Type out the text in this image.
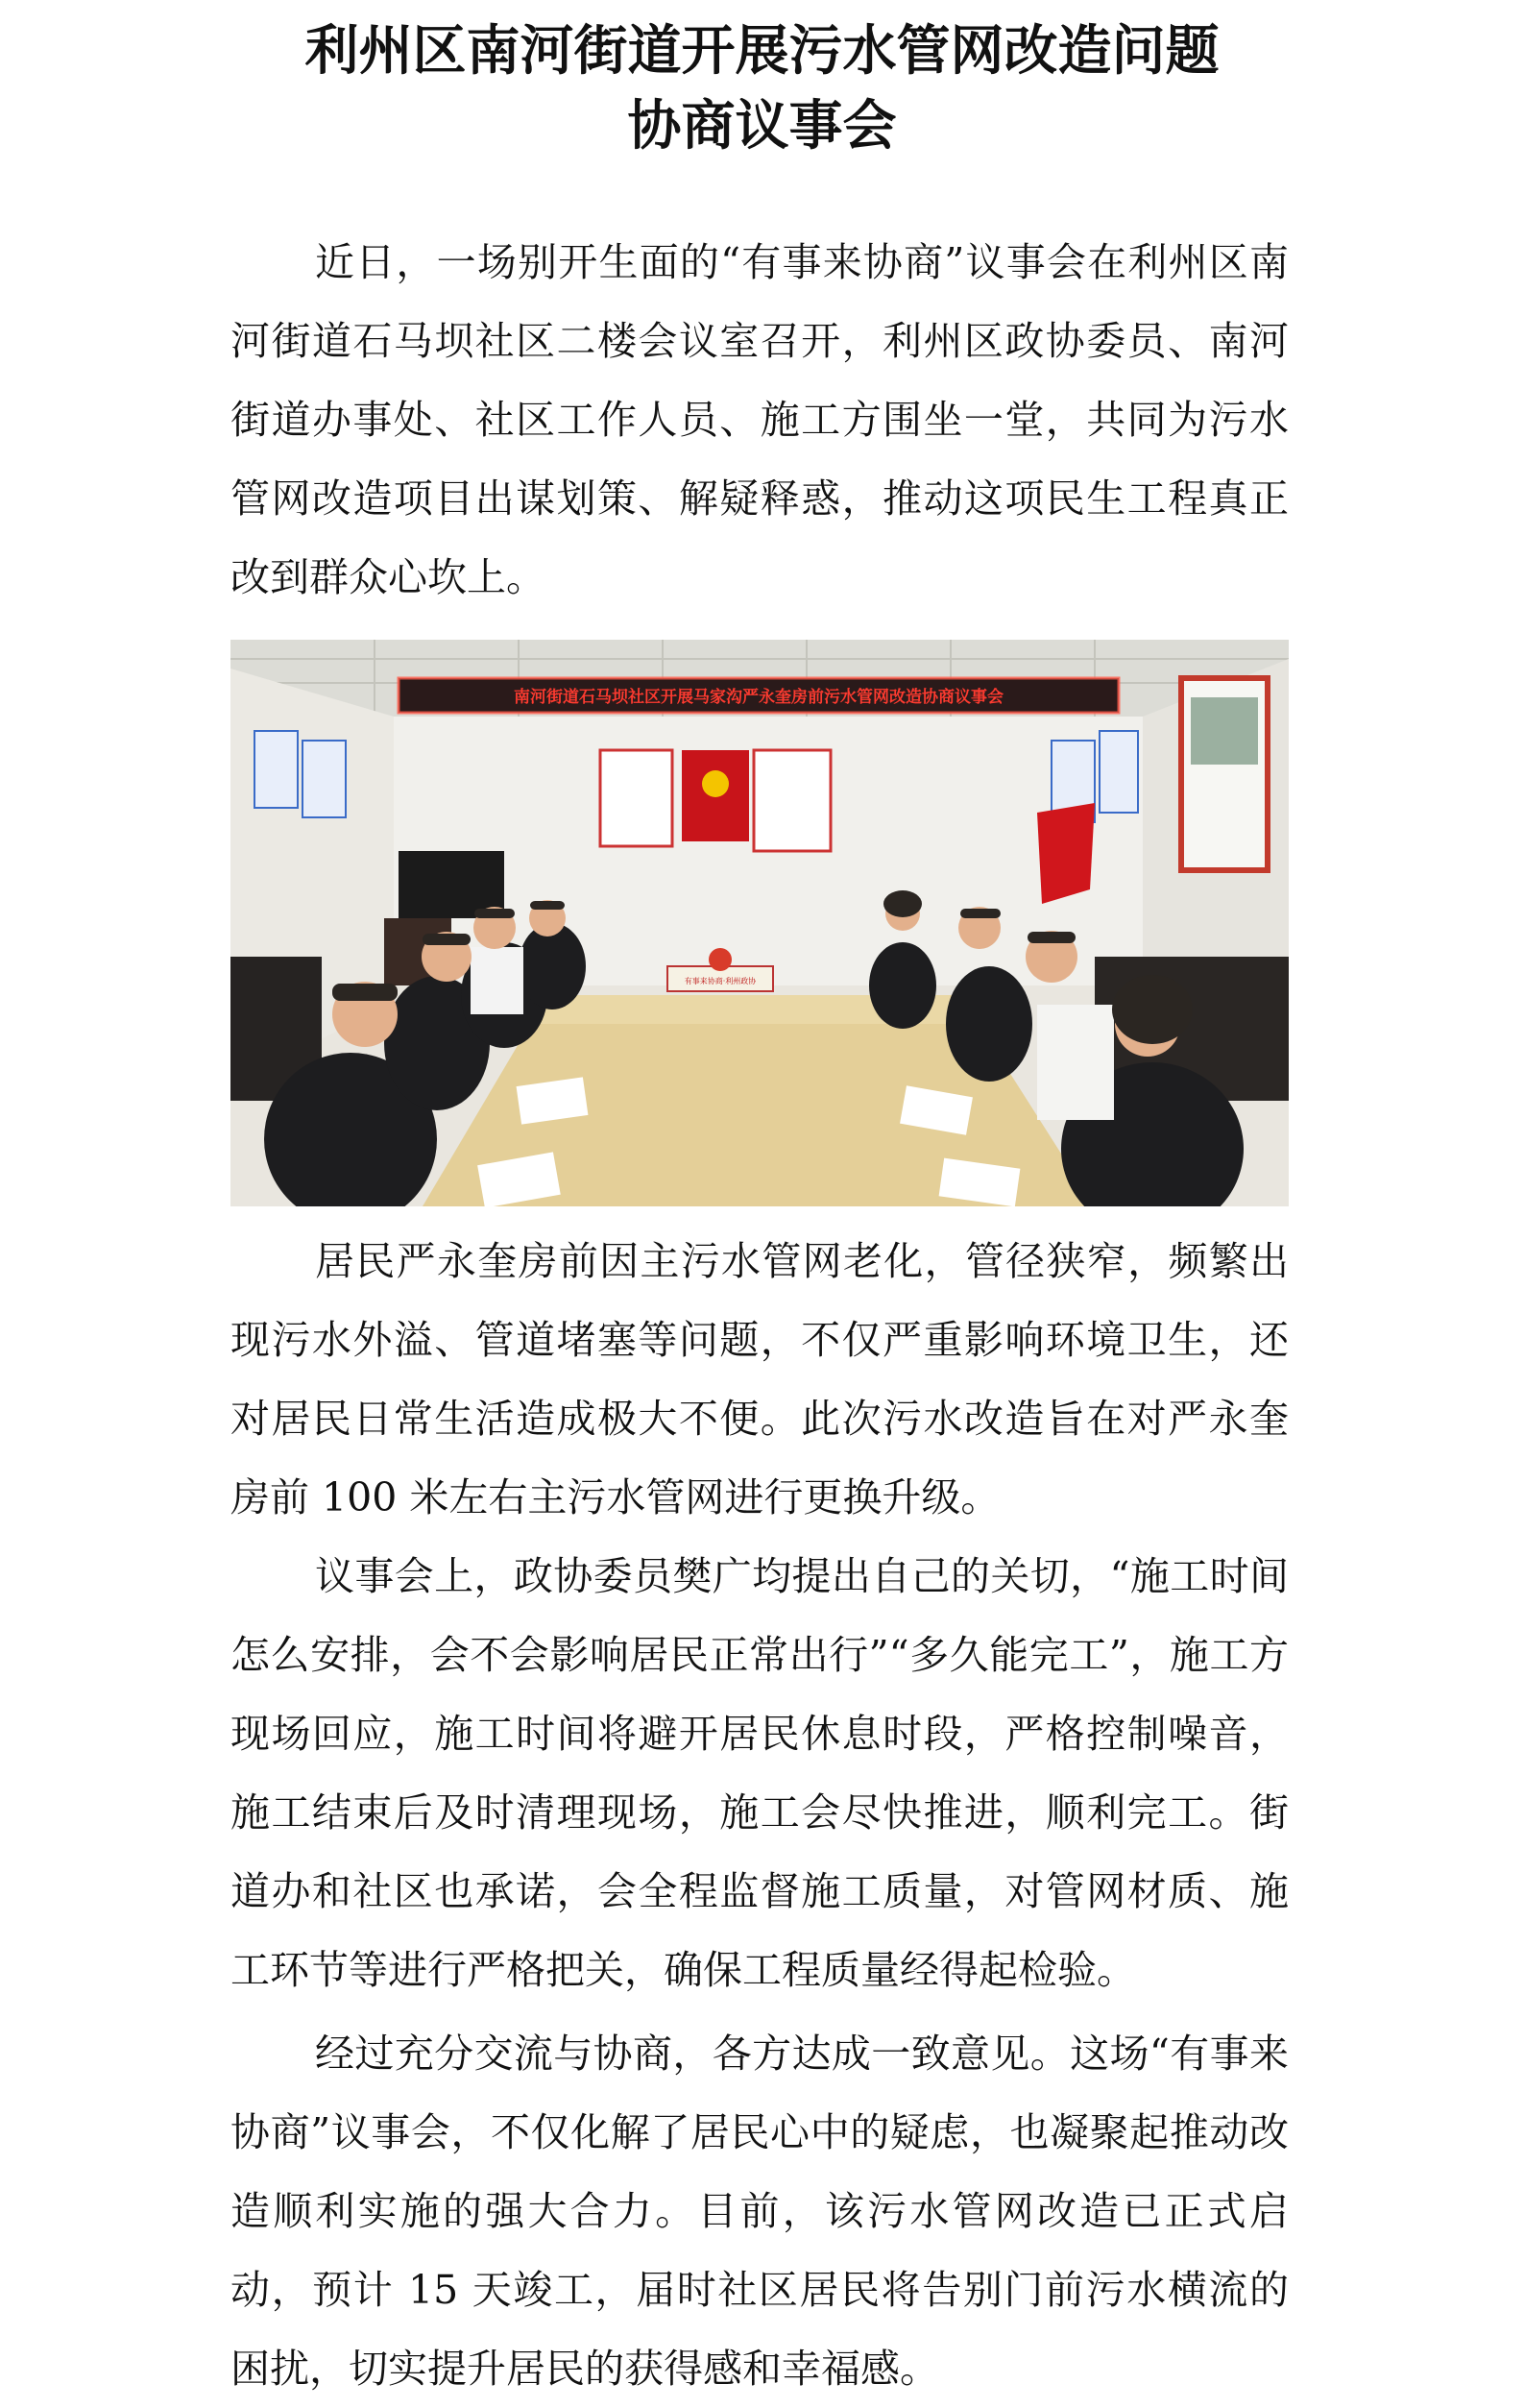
利州区南河街道开展污水管网改造问题
协商议事会

近日，一场别开生面的“有事来协商”议事会在利州区南河街道石马坝社区二楼会议室召开，利州区政协委员、南河街道办事处、社区工作人员、施工方围坐一堂，共同为污水管网改造项目出谋划策、解疑释惑，推动这项民生工程真正改到群众心坎上。

南河街道石马坝社区开展马家沟严永奎房前污水管网改造协商议事会
有事来协商·利州政协

居民严永奎房前因主污水管网老化，管径狭窄，频繁出现污水外溢、管道堵塞等问题，不仅严重影响环境卫生，还对居民日常生活造成极大不便。此次污水改造旨在对严永奎房前 100 米左右主污水管网进行更换升级。

议事会上，政协委员樊广均提出自己的关切，“施工时间怎么安排，会不会影响居民正常出行”“多久能完工”，施工方现场回应，施工时间将避开居民休息时段，严格控制噪音，施工结束后及时清理现场，施工会尽快推进，顺利完工。街道办和社区也承诺，会全程监督施工质量，对管网材质、施工环节等进行严格把关，确保工程质量经得起检验。

经过充分交流与协商，各方达成一致意见。这场“有事来协商”议事会，不仅化解了居民心中的疑虑，也凝聚起推动改造顺利实施的强大合力。目前，该污水管网改造已正式启动，预计 15 天竣工，届时社区居民将告别门前污水横流的困扰，切实提升居民的获得感和幸福感。
